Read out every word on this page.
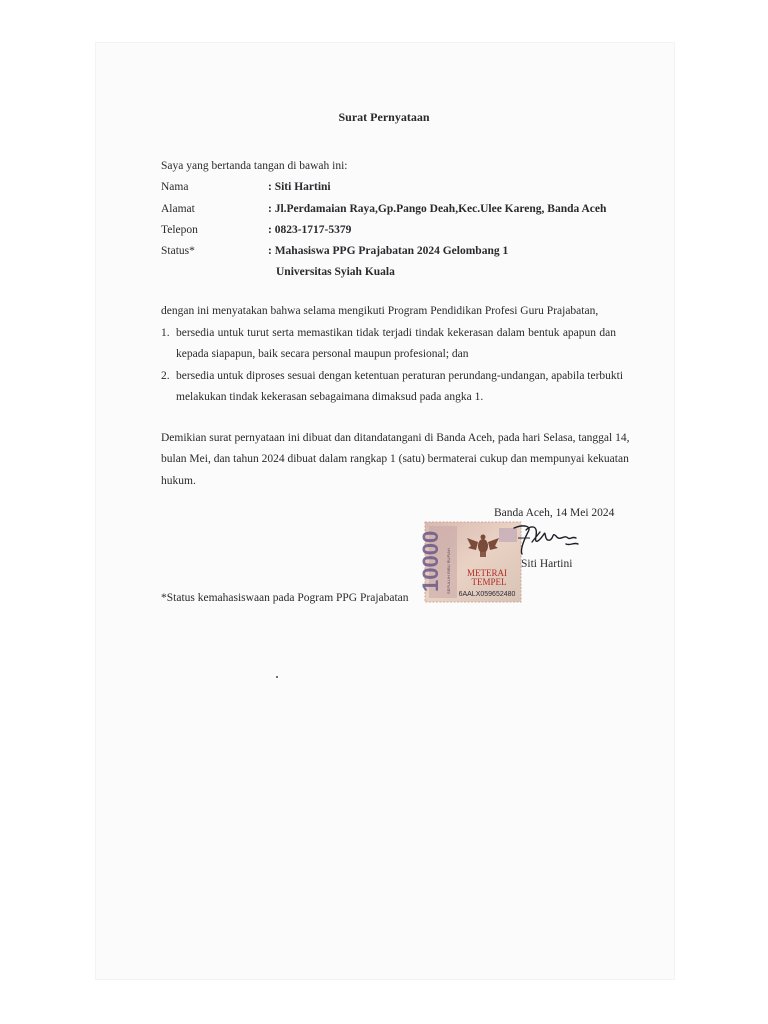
Surat Pernyataan
Saya yang bertanda tangan di bawah ini:
Nama	: Siti Hartini
Alamat	: Jl.Perdamaian Raya,Gp.Pango Deah,Kec.Ulee Kareng, Banda Aceh
Telepon	: 0823-1717-5379
Status*	: Mahasiswa PPG Prajabatan 2024 Gelombang 1
Universitas Syiah Kuala
dengan ini menyatakan bahwa selama mengikuti Program Pendidikan Profesi Guru Prajabatan,
1. bersedia untuk turut serta memastikan tidak terjadi tindak kekerasan dalam bentuk apapun dan
kepada siapapun, baik secara personal maupun profesional; dan
2. bersedia untuk diproses sesuai dengan ketentuan peraturan perundang-undangan, apabila terbukti
melakukan tindak kekerasan sebagaimana dimaksud pada angka 1.
Demikian surat pernyataan ini dibuat dan ditandatangani di Banda Aceh, pada hari Selasa, tanggal 14,
bulan Mei, dan tahun 2024 dibuat dalam rangkap 1 (satu) bermaterai cukup dan mempunyai kekuatan
hukum.
Banda Aceh, 14 Mei 2024
10000 SEPULUH RIBU RUPIAH METERAI
TEMPEL
6AALX059652480
Siti Hartini
*Status kemahasiswaan pada Pogram PPG Prajabatan
